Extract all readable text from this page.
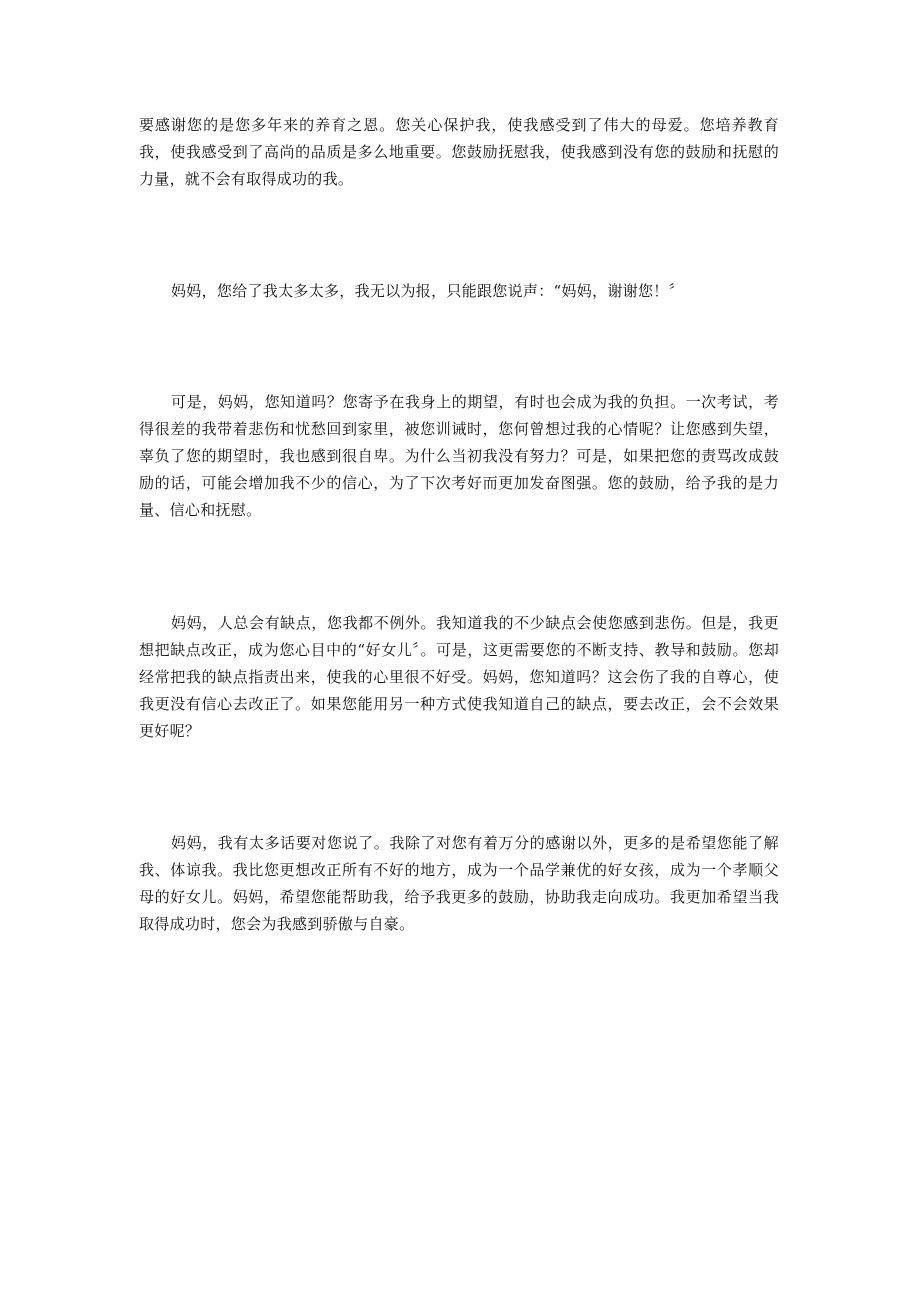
要感谢您的是您多年来的养育之恩。您关心保护我，使我感受到了伟大的母爱。您培养教育我，使我感受到了高尚的品质是多么地重要。您鼓励抚慰我，使我感到没有您的鼓励和抚慰的力量，就不会有取得成功的我。

妈妈，您给了我太多太多，我无以为报，只能跟您说声：“妈妈，谢谢您！〞

可是，妈妈，您知道吗？您寄予在我身上的期望，有时也会成为我的负担。一次考试，考得很差的我带着悲伤和忧愁回到家里，被您训诫时，您何曾想过我的心情呢？让您感到失望，辜负了您的期望时，我也感到很自卑。为什么当初我没有努力？可是，如果把您的责骂改成鼓励的话，可能会增加我不少的信心，为了下次考好而更加发奋图强。您的鼓励，给予我的是力量、信心和抚慰。

妈妈，人总会有缺点，您我都不例外。我知道我的不少缺点会使您感到悲伤。但是，我更想把缺点改正，成为您心目中的“好女儿〞。可是，这更需要您的不断支持、教导和鼓励。您却经常把我的缺点指责出来，使我的心里很不好受。妈妈，您知道吗？这会伤了我的自尊心，使我更没有信心去改正了。如果您能用另一种方式使我知道自己的缺点，要去改正，会不会效果更好呢？

妈妈，我有太多话要对您说了。我除了对您有着万分的感谢以外，更多的是希望您能了解我、体谅我。我比您更想改正所有不好的地方，成为一个品学兼优的好女孩，成为一个孝顺父母的好女儿。妈妈，希望您能帮助我，给予我更多的鼓励，协助我走向成功。我更加希望当我取得成功时，您会为我感到骄傲与自豪。
